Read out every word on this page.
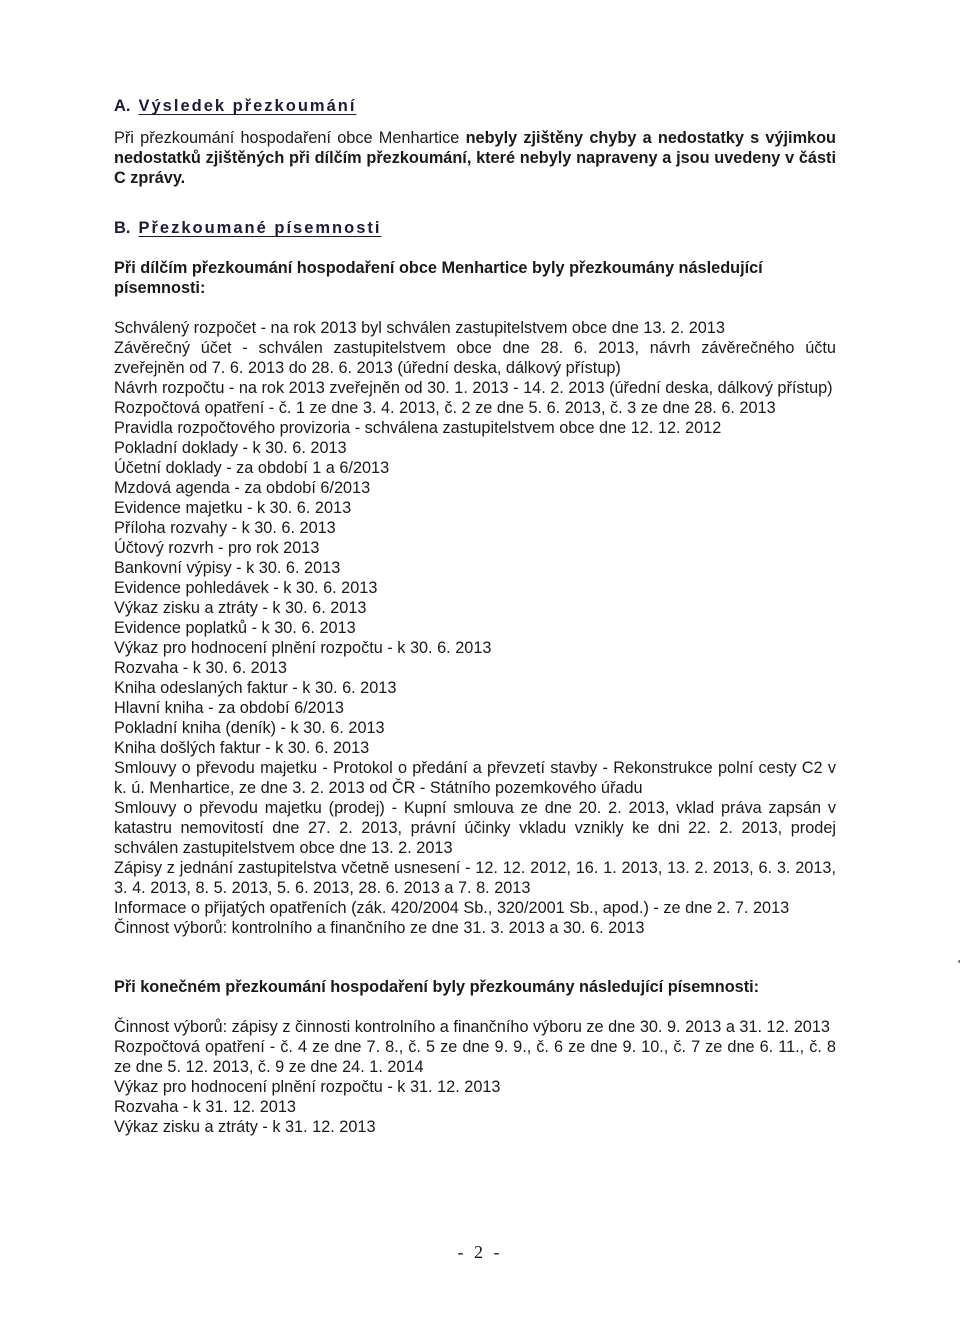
A. Výsledek přezkoumání

Při přezkoumání hospodaření obce Menhartice nebyly zjištěny chyby a nedostatky s výjimkou nedostatků zjištěných při dílčím přezkoumání, které nebyly napraveny a jsou uvedeny v části C zprávy.

B. Přezkoumané písemnosti

Při dílčím přezkoumání hospodaření obce Menhartice byly přezkoumány následující písemnosti:

Schválený rozpočet - na rok 2013 byl schválen zastupitelstvem obce dne 13. 2. 2013
Závěrečný účet - schválen zastupitelstvem obce dne 28. 6. 2013, návrh závěrečného účtu zveřejněn od 7. 6. 2013 do 28. 6. 2013 (úřední deska, dálkový přístup)
Návrh rozpočtu - na rok 2013 zveřejněn od 30. 1. 2013 - 14. 2. 2013 (úřední deska, dálkový přístup)
Rozpočtová opatření - č. 1 ze dne 3. 4. 2013, č. 2 ze dne 5. 6. 2013, č. 3 ze dne 28. 6. 2013
Pravidla rozpočtového provizoria - schválena zastupitelstvem obce dne 12. 12. 2012
Pokladní doklady - k 30. 6. 2013
Účetní doklady - za období 1 a 6/2013
Mzdová agenda - za období 6/2013
Evidence majetku - k 30. 6. 2013
Příloha rozvahy - k 30. 6. 2013
Účtový rozvrh - pro rok 2013
Bankovní výpisy - k 30. 6. 2013
Evidence pohledávek - k 30. 6. 2013
Výkaz zisku a ztráty - k 30. 6. 2013
Evidence poplatků - k 30. 6. 2013
Výkaz pro hodnocení plnění rozpočtu - k 30. 6. 2013
Rozvaha - k 30. 6. 2013
Kniha odeslaných faktur - k 30. 6. 2013
Hlavní kniha - za období 6/2013
Pokladní kniha (deník) - k 30. 6. 2013
Kniha došlých faktur - k 30. 6. 2013
Smlouvy o převodu majetku - Protokol o předání a převzetí stavby - Rekonstrukce polní cesty C2 v k. ú. Menhartice, ze dne 3. 2. 2013 od ČR - Státního pozemkového úřadu
Smlouvy o převodu majetku (prodej) - Kupní smlouva ze dne 20. 2. 2013, vklad práva zapsán v katastru nemovitostí dne 27. 2. 2013, právní účinky vkladu vznikly ke dni 22. 2. 2013, prodej schválen zastupitelstvem obce dne 13. 2. 2013
Zápisy z jednání zastupitelstva včetně usnesení - 12. 12. 2012, 16. 1. 2013, 13. 2. 2013, 6. 3. 2013, 3. 4. 2013, 8. 5. 2013, 5. 6. 2013, 28. 6. 2013 a 7. 8. 2013
Informace o přijatých opatřeních (zák. 420/2004 Sb., 320/2001 Sb., apod.) - ze dne 2. 7. 2013
Činnost výborů: kontrolního a finančního ze dne 31. 3. 2013 a 30. 6. 2013

Při konečném přezkoumání hospodaření byly přezkoumány následující písemnosti:

Činnost výborů: zápisy z činnosti kontrolního a finančního výboru ze dne 30. 9. 2013 a 31. 12. 2013
Rozpočtová opatření - č. 4 ze dne 7. 8., č. 5 ze dne 9. 9., č. 6 ze dne 9. 10., č. 7 ze dne 6. 11., č. 8 ze dne 5. 12. 2013, č. 9 ze dne 24. 1. 2014
Výkaz pro hodnocení plnění rozpočtu - k 31. 12. 2013
Rozvaha - k 31. 12. 2013
Výkaz zisku a ztráty - k 31. 12. 2013
- 2 -
